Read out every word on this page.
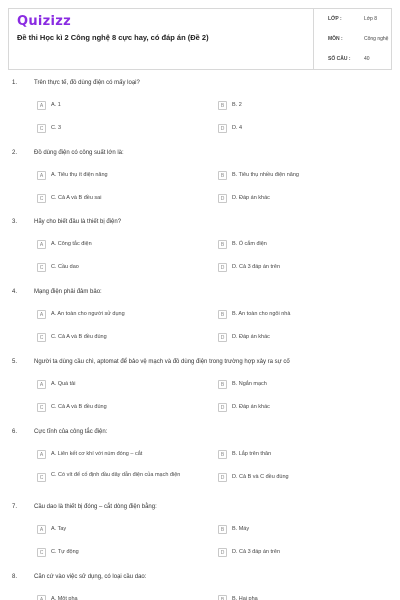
Quizizz
Đề thi Học kì 2 Công nghệ 8 cực hay, có đáp án (Đề 2)
LỚP :	Lớp 8
MÔN :	Công nghệ
SỐ CÂU :	40
1.	Trên thực tế, đồ dùng điện có mấy loại?
A	A. 1	B	B. 2
C	C. 3	D	D. 4
2.	Đồ dùng điện có công suất lớn là:
A	A. Tiêu thụ ít điện năng	B	B. Tiêu thụ nhiều điện năng
C	C. Cả A và B đều sai	D	D. Đáp án khác
3.	Hãy cho biết đâu là thiết bị điện?
A	A. Công tắc điện	B	B. Ổ cắm điện
C	C. Cầu dao	D	D. Cả 3 đáp án trên
4.	Mạng điện phải đảm bảo:
A	A. An toàn cho người sử dụng	B	B. An toàn cho ngôi nhà
C	C. Cả A và B đều đúng	D	D. Đáp án khác
5.	Người ta dùng cầu chì, aptomat để bảo vệ mạch và đồ dùng điện trong trường hợp xảy ra sự cố
A	A. Quá tải	B	B. Ngắn mạch
C	C. Cả A và B đều đúng	D	D. Đáp án khác
6.	Cực tĩnh của công tắc điện:
A	A. Liên kết cơ khí với núm đóng – cắt	B	B. Lắp trên thân
C	C. Có vít để cố định đầu dây dẫn điện của mạch điện	D	D. Cả B và C đều đúng
7.	Cầu dao là thiết bị đóng – cắt dòng điện bằng:
A	A. Tay	B	B. Máy
C	C. Tự động	D	D. Cả 3 đáp án trên
8.	Căn cứ vào việc sử dụng, có loại cầu dao:
A	A. Một pha	B	B. Hai pha
